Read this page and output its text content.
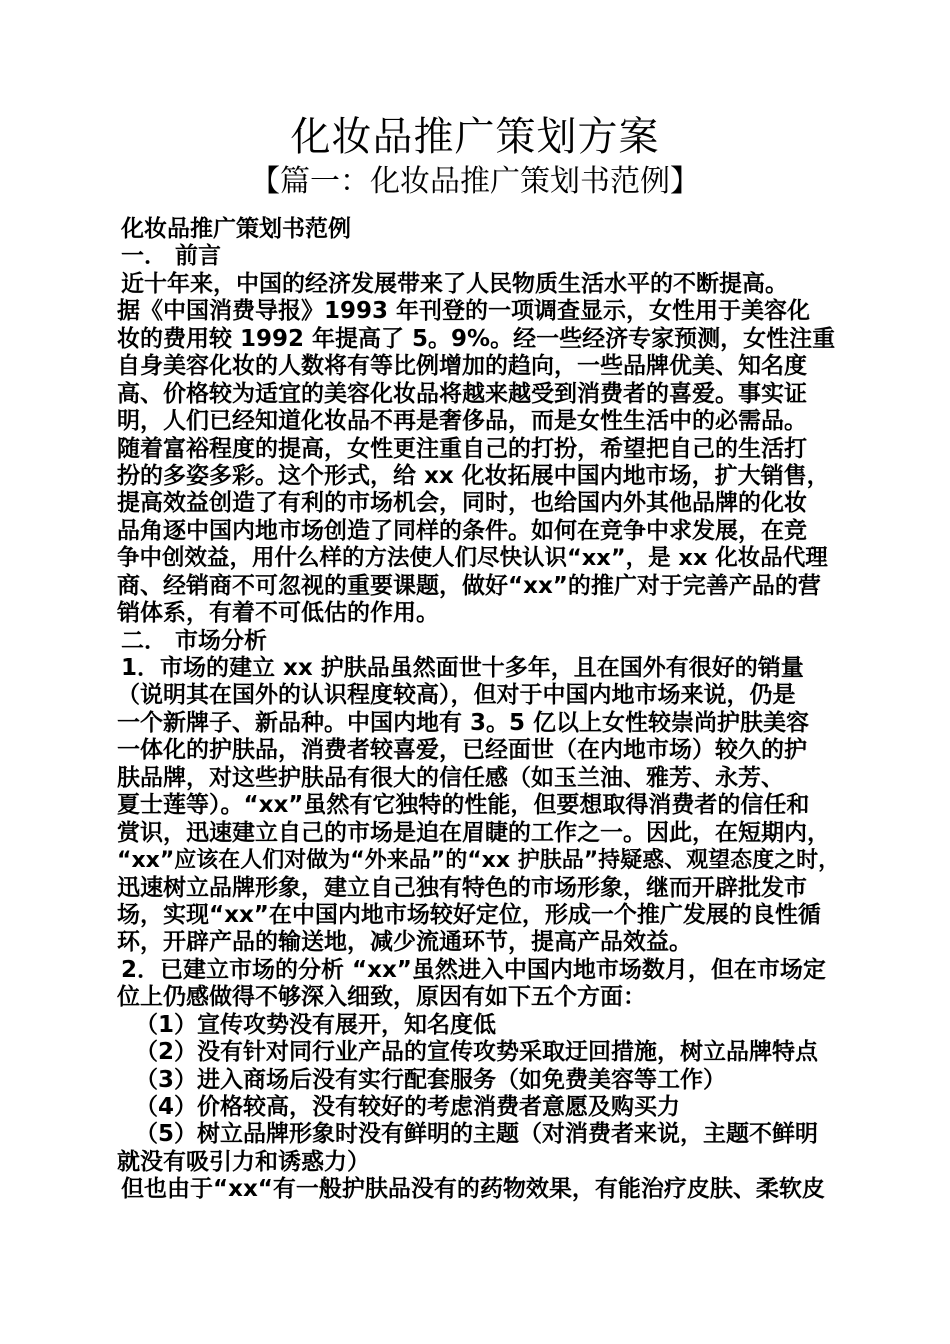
化妆品推广策划方案
【篇一：化妆品推广策划书范例】
化妆品推广策划书范例
一． 前言
近十年来，中国的经济发展带来了人民物质生活水平的不断提高。
据《中国消费导报》1993 年刊登的一项调查显示，女性用于美容化
妆的费用较 1992 年提高了 5。9%。经一些经济专家预测，女性注重
自身美容化妆的人数将有等比例增加的趋向，一些品牌优美、知名度
高、价格较为适宜的美容化妆品将越来越受到消费者的喜爱。事实证
明，人们已经知道化妆品不再是奢侈品，而是女性生活中的必需品。
随着富裕程度的提高，女性更注重自己的打扮，希望把自己的生活打
扮的多姿多彩。这个形式，给 xx 化妆拓展中国内地市场，扩大销售，
提高效益创造了有利的市场机会，同时，也给国内外其他品牌的化妆
品角逐中国内地市场创造了同样的条件。如何在竞争中求发展，在竞
争中创效益，用什么样的方法使人们尽快认识“xx”，是 xx 化妆品代理
商、经销商不可忽视的重要课题，做好“xx”的推广对于完善产品的营
销体系，有着不可低估的作用。
二． 市场分析
1．市场的建立 xx 护肤品虽然面世十多年，且在国外有很好的销量
（说明其在国外的认识程度较高），但对于中国内地市场来说，仍是
一个新牌子、新品种。中国内地有 3。5 亿以上女性较崇尚护肤美容
一体化的护肤品，消费者较喜爱，已经面世（在内地市场）较久的护
肤品牌，对这些护肤品有很大的信任感（如玉兰油、雅芳、永芳、
夏士莲等）。“xx”虽然有它独特的性能，但要想取得消费者的信任和
赏识，迅速建立自己的市场是迫在眉睫的工作之一。因此，在短期内，
“xx”应该在人们对做为“外来品”的“xx 护肤品”持疑惑、观望态度之时，
迅速树立品牌形象，建立自己独有特色的市场形象，继而开辟批发市
场，实现“xx”在中国内地市场较好定位，形成一个推广发展的良性循
环，开辟产品的输送地，减少流通环节，提高产品效益。
2．已建立市场的分析 “xx”虽然进入中国内地市场数月，但在市场定
位上仍感做得不够深入细致，原因有如下五个方面：
（1）宣传攻势没有展开，知名度低
（2）没有针对同行业产品的宣传攻势采取迂回措施，树立品牌特点
（3）进入商场后没有实行配套服务（如免费美容等工作）
（4）价格较高，没有较好的考虑消费者意愿及购买力
（5）树立品牌形象时没有鲜明的主题（对消费者来说，主题不鲜明
就没有吸引力和诱惑力）
但也由于“xx“有一般护肤品没有的药物效果，有能治疗皮肤、柔软皮
